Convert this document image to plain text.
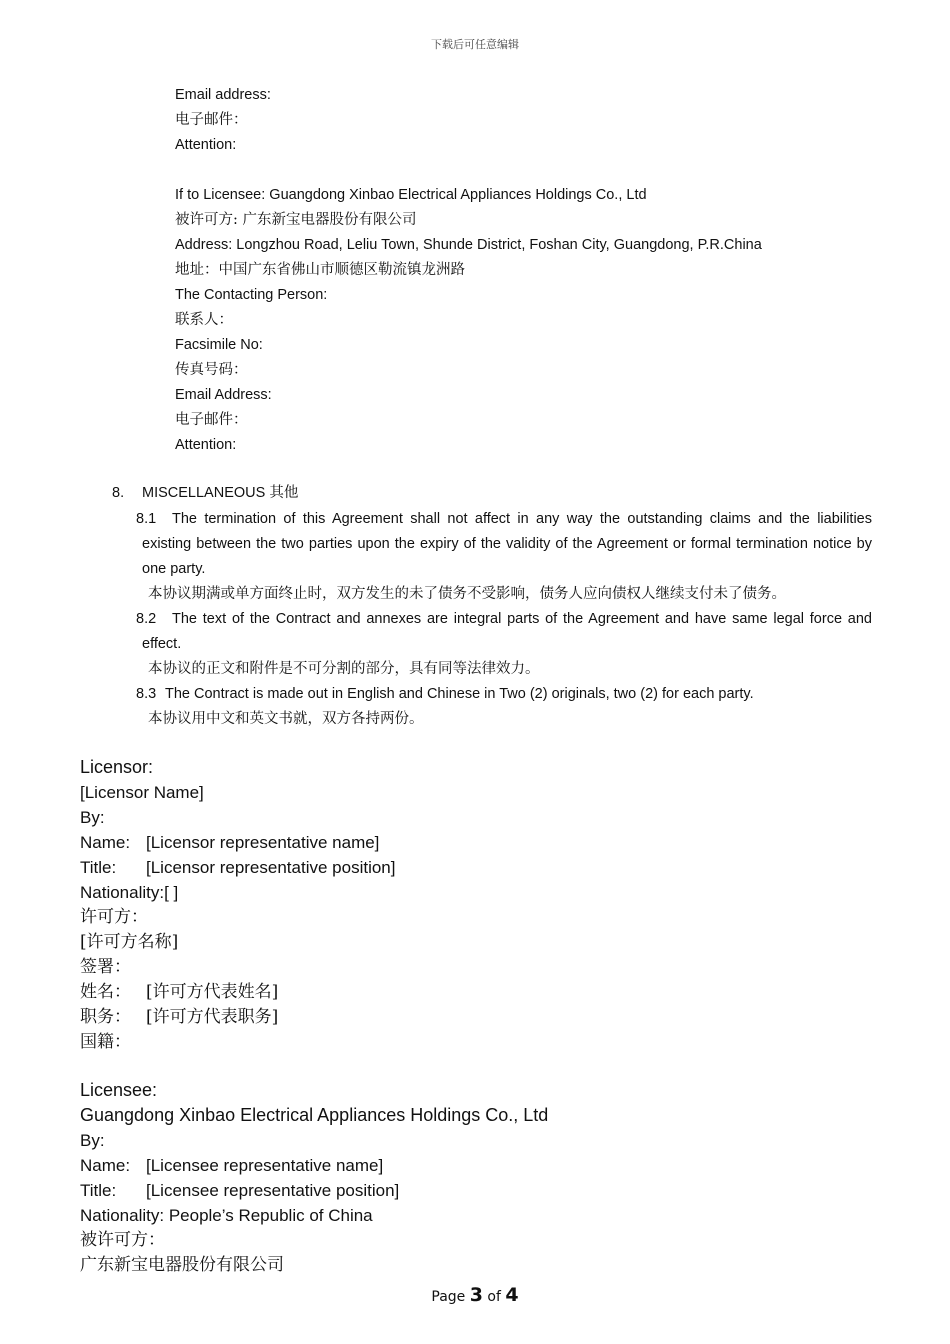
下载后可任意编辑
Email address:
电子邮件：
Attention:
If to Licensee: Guangdong Xinbao Electrical Appliances Holdings Co., Ltd
被许可方: 广东新宝电器股份有限公司
Address: Longzhou Road, Leliu Town, Shunde District, Foshan City, Guangdong, P.R.China
地址：中国广东省佛山市顺德区勒流镇龙洲路
The Contacting Person:
联系人：
Facsimile No:
传真号码：
Email Address:
电子邮件：
Attention:
8. MISCELLANEOUS 其他
8.1 The termination of this Agreement shall not affect in any way the outstanding claims and the liabilities existing between the two parties upon the expiry of the validity of the Agreement or formal termination notice by one party.
本协议期满或单方面终止时，双方发生的未了债务不受影响，债务人应向债权人继续支付未了债务。
8.2 The text of the Contract and annexes are integral parts of the Agreement and have same legal force and effect.
本协议的正文和附件是不可分割的部分，具有同等法律效力。
8.3 The Contract is made out in English and Chinese in Two (2) originals, two (2) for each party.
本协议用中文和英文书就，双方各持两份。
Licensor:
[Licensor Name]
By:
Name: [Licensor representative name]
Title: [Licensor representative position]
Nationality:[ ]
许可方：
[许可方名称]
签署：
姓名： [许可方代表姓名]
职务： [许可方代表职务]
国籍：
Licensee:
Guangdong Xinbao Electrical Appliances Holdings Co., Ltd
By:
Name: [Licensee representative name]
Title: [Licensee representative position]
Nationality: People’s Republic of China
被许可方：
广东新宝电器股份有限公司
Page 3 of 4
